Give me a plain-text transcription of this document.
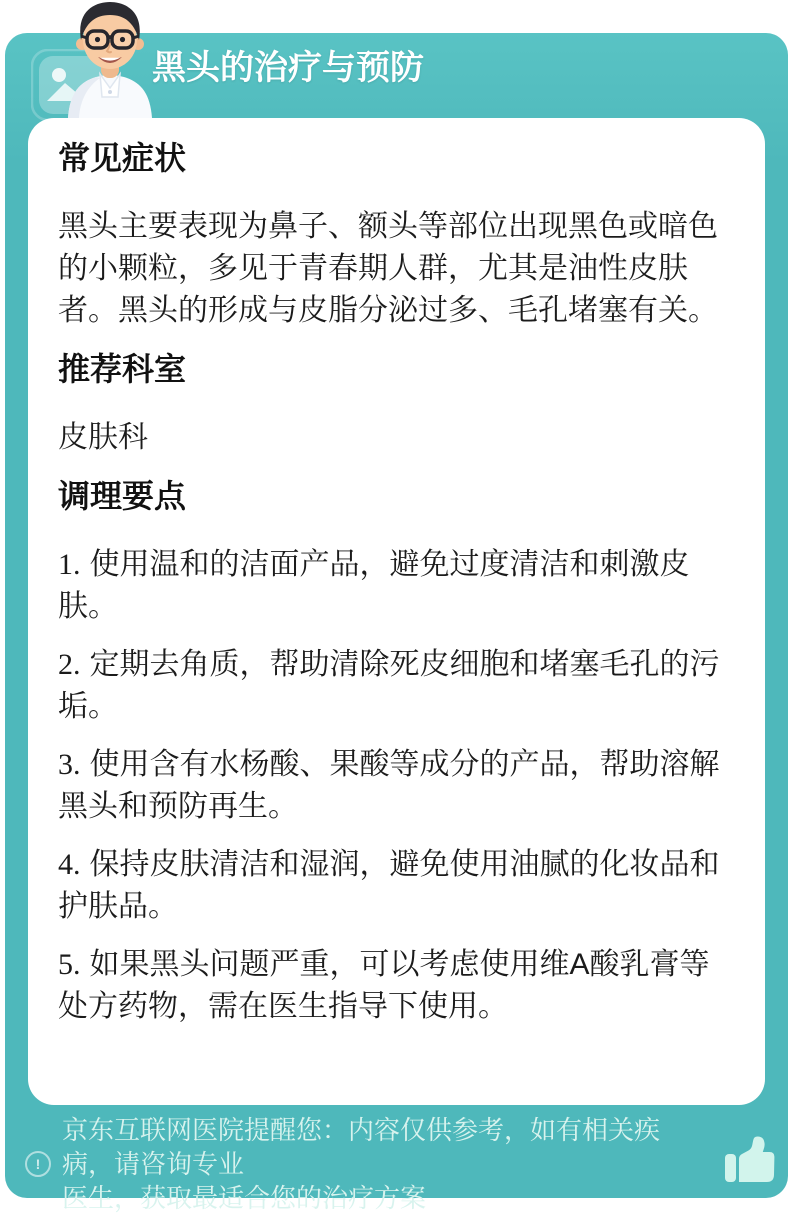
黑头的治疗与预防
常见症状

黑头主要表现为鼻子、额头等部位出现黑色或暗色的小颗粒，多见于青春期人群，尤其是油性皮肤者。黑头的形成与皮脂分泌过多、毛孔堵塞有关。

推荐科室

皮肤科

调理要点

1. 使用温和的洁面产品，避免过度清洁和刺激皮肤。

2. 定期去角质，帮助清除死皮细胞和堵塞毛孔的污垢。

3. 使用含有水杨酸、果酸等成分的产品，帮助溶解黑头和预防再生。

4. 保持皮肤清洁和湿润，避免使用油腻的化妆品和护肤品。

5. 如果黑头问题严重，可以考虑使用维A酸乳膏等处方药物，需在医生指导下使用。

!
京东互联网医院提醒您：内容仅供参考，如有相关疾病，请咨询专业
医生，获取最适合您的治疗方案
